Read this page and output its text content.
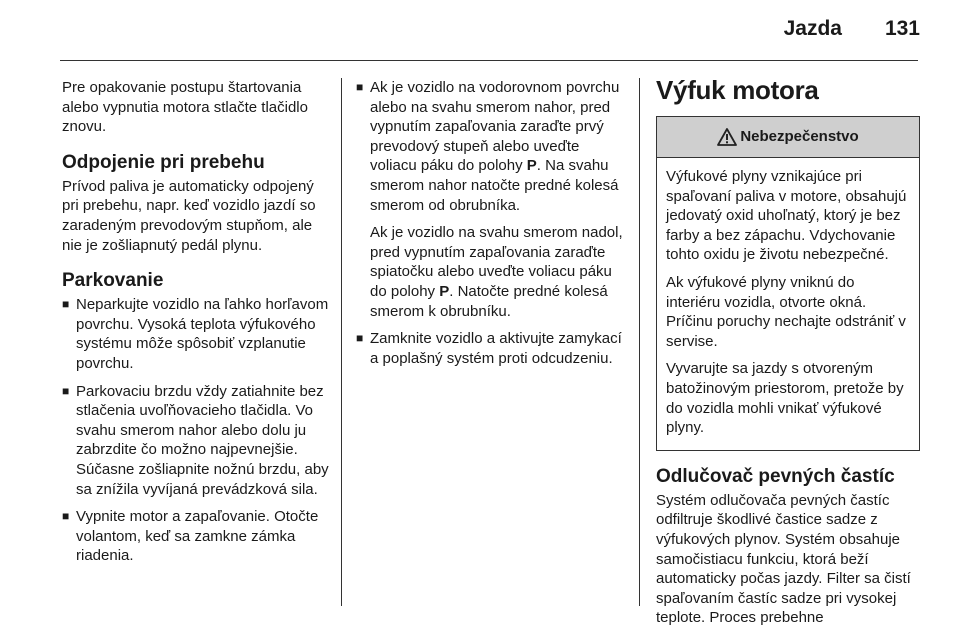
Jazda 131

Pre opakovanie postupu štartovania alebo vypnutia motora stlačte tlačidlo znovu.

Odpojenie pri prebehu

Prívod paliva je automaticky odpojený pri prebehu, napr. keď vozidlo jazdí so zaradeným prevodovým stupňom, ale nie je zošliapnutý pedál plynu.

Parkovanie
■ Neparkujte vozidlo na ľahko horľavom povrchu. Vysoká teplota výfukového systému môže spôsobiť vzplanutie povrchu.
■ Parkovaciu brzdu vždy zatiahnite bez stlačenia uvoľňovacieho tlačidla. Vo svahu smerom nahor alebo dolu ju zabrzdite čo možno najpevnejšie. Súčasne zošliapnite nožnú brzdu, aby sa znížila vyvíjaná prevádzková sila.
■ Vypnite motor a zapaľovanie. Otočte volantom, keď sa zamkne zámka riadenia.
■ Ak je vozidlo na vodorovnom povrchu alebo na svahu smerom nahor, pred vypnutím zapaľovania zaraďte prvý prevodový stupeň alebo uveďte voliacu páku do polohy P. Na svahu smerom nahor natočte predné kolesá smerom od obrubníka.

Ak je vozidlo na svahu smerom nadol, pred vypnutím zapaľovania zaraďte spiatočku alebo uveďte voliacu páku do polohy P. Natočte predné kolesá smerom k obrubníku.

■ Zamknite vozidlo a aktivujte zamykací a poplašný systém proti odcudzeniu.
Výfuk motora
Nebezpečenstvo

Výfukové plyny vznikajúce pri spaľovaní paliva v motore, obsahujú jedovatý oxid uhoľnatý, ktorý je bez farby a bez zápachu. Vdychovanie tohto oxidu je životu nebezpečné.

Ak výfukové plyny vniknú do interiéru vozidla, otvorte okná. Príčinu poruchy nechajte odstrániť v servise.

Vyvarujte sa jazdy s otvoreným batožinovým priestorom, pretože by do vozidla mohli vnikať výfukové plyny.

Odlučovač pevných častíc

Systém odlučovača pevných častíc odfiltruje škodlivé častice sadze z výfukových plynov. Systém obsahuje samočistiacu funkciu, ktorá beží automaticky počas jazdy. Filter sa čistí spaľovaním častíc sadze pri vysokej teplote. Proces prebehne
